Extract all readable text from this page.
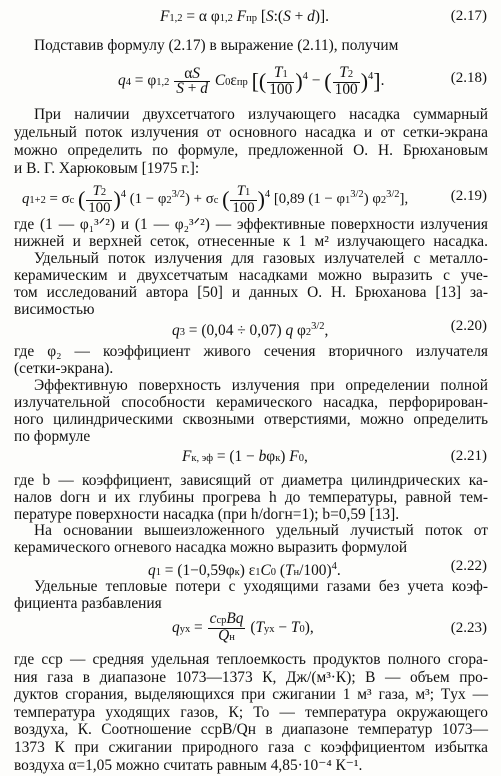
F1,2 = α φ1,2 Fпр [S:(S + d)].	(2.17)
Подставив формулу (2.17) в выражение (2.11), получим
$q4 = \varphi 1,2 \frac{\alpha S}{S + d} C0\varepsilon пр$ [( $\frac{T1}{100} )^4$ − ( $\frac{T2}{100} )^4$].	(2.18)
При наличии двухсетчатого излучающего насадка суммарный
удельный поток излучения от основного насадка и от сетки-экрана
можно определить по формуле, предложенной О. Н. Брюхановым
и В. Г. Харюковым [1975 г.]:
q1+2 = σc ( $\frac{T2}{100} )^4$ $(1 - \varphi 2^{3/2}) + \sigma c$ ( $\frac{T1}{100} )^4$ [0,89 $(1 - \varphi 1^{3/2})$ $\varphi 2^{3/2}$],	(2.19)
где (1 — φ₁³ᐟ²) и (1 — φ₂³ᐟ²) — эффективные поверхности излучения
нижней и верхней сеток, отнесенные к 1 м² излучающего насадка.
Удельный поток излучения для газовых излучателей с металло-
керамическим и двухсетчатым насадками можно выразить с уче-
том исследований автора [50] и данных О. Н. Брюханова [13] за-
висимостью
q3 = (0,04 ÷ 0,07) q $\varphi 2^{3/2}$,	(2.20)
где φ₂ — коэффициент живого сечения вторичного излучателя
(сетки-экрана).
Эффективную поверхность излучения при определении полной
излучательной способности керамического насадка, перфорирован-
ного цилиндрическими сквозными отверстиями, можно определить
по формуле
Fк, эф = (1 − bφк) F0,	(2.21)
где b — коэффициент, зависящий от диаметра цилиндрических ка-
налов dогн и их глубины прогрева h до температуры, равной тем-
пературе поверхности насадка (при h/dогн=1); b=0,59 [13].
На основании вышеизложенного удельный лучистый поток от
керамического огневого насадка можно выразить формулой
q1 = (1−0,59φк) ε1C0 $(Tн/100)^4$.	(2.22)
Удельные тепловые потери с уходящими газами без учета коэф-
фициента разбавления
qух = $\frac{\text{cсрBq}}{Qн} (Tух - T0)$,	(2.23)
где cср — средняя удельная теплоемкость продуктов полного сгора-
ния газа в диапазоне 1073—1373 К, Дж/(м³·К); B — объем про-
дуктов сгорания, выделяющихся при сжигании 1 м³ газа, м³; Tух —
температура уходящих газов, К; To — температура окружающего
воздуха, К. Соотношение cсрB/Qн в диапазоне температур 1073—
1373 К при сжигании природного газа с коэффициентом избытка
воздуха α=1,05 можно считать равным 4,85·10⁻⁴ К⁻¹.
